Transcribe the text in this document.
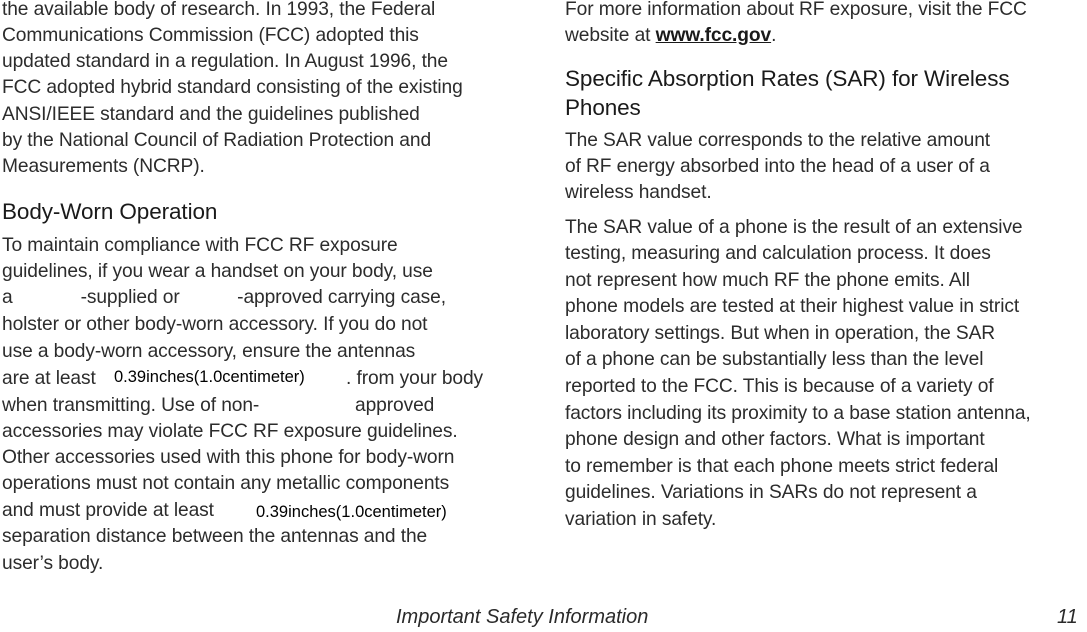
the available body of research. In 1993, the Federal
Communications Commission (FCC) adopted this
updated standard in a regulation. In August 1996, the
FCC adopted hybrid standard consisting of the existing
ANSI/IEEE standard and the guidelines published
by the National Council of Radiation Protection and
Measurements (NCRP).
Body-Worn Operation
To maintain compliance with FCC RF exposure
guidelines, if you wear a handset on your body, use
a             -supplied or           -approved carrying case,
holster or other body-worn accessory. If you do not
use a body-worn accessory, ensure the antennas
are at least 0.39inches(1.0centimeter) . from your body
when transmitting. Use of non-	approved
accessories may violate FCC RF exposure guidelines.
Other accessories used with this phone for body-worn
operations must not contain any metallic components
and must provide at least	0.39inches(1.0centimeter)
separation distance between the antennas and the
user’s body.
For more information about RF exposure, visit the FCC
website at www.fcc.gov.
Specific Absorption Rates (SAR) for Wireless
Phones
The SAR value corresponds to the relative amount
of RF energy absorbed into the head of a user of a
wireless handset.
The SAR value of a phone is the result of an extensive
testing, measuring and calculation process. It does
not represent how much RF the phone emits. All
phone models are tested at their highest value in strict
laboratory settings. But when in operation, the SAR
of a phone can be substantially less than the level
reported to the FCC. This is because of a variety of
factors including its proximity to a base station antenna,
phone design and other factors. What is important
to remember is that each phone meets strict federal
guidelines. Variations in SARs do not represent a
variation in safety.
Important Safety Information	11
